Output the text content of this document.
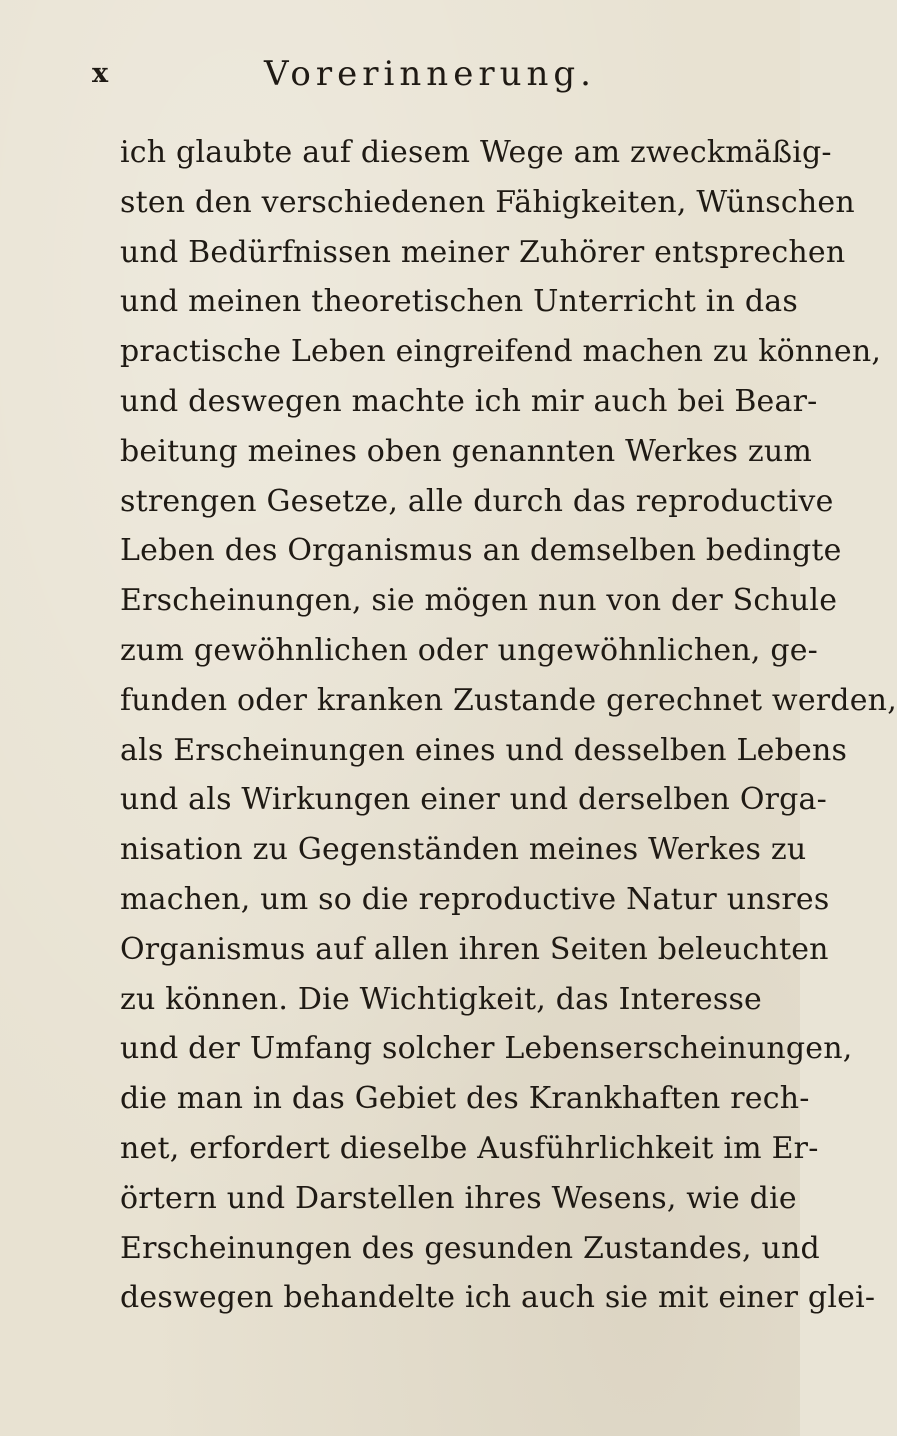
x	Vorerinnerung.
ich glaubte auf diesem Wege am zweckmäßig-
sten den verschiedenen Fähigkeiten, Wünschen
und Bedürfnissen meiner Zuhörer entsprechen
und meinen theoretischen Unterricht in das
practische Leben eingreifend machen zu können,
und deswegen machte ich mir auch bei Bear-
beitung meines oben genannten Werkes zum
strengen Gesetze, alle durch das reproductive
Leben des Organismus an demselben bedingte
Erscheinungen, sie mögen nun von der Schule
zum gewöhnlichen oder ungewöhnlichen, ge-
funden oder kranken Zustande gerechnet werden,
als Erscheinungen eines und desselben Lebens
und als Wirkungen einer und derselben Orga-
nisation zu Gegenständen meines Werkes zu
machen, um so die reproductive Natur unsres
Organismus auf allen ihren Seiten beleuchten
zu können. Die Wichtigkeit, das Interesse
und der Umfang solcher Lebenserscheinungen,
die man in das Gebiet des Krankhaften rech-
net, erfordert dieselbe Ausführlichkeit im Er-
örtern und Darstellen ihres Wesens, wie die
Erscheinungen des gesunden Zustandes, und
deswegen behandelte ich auch sie mit einer glei-
